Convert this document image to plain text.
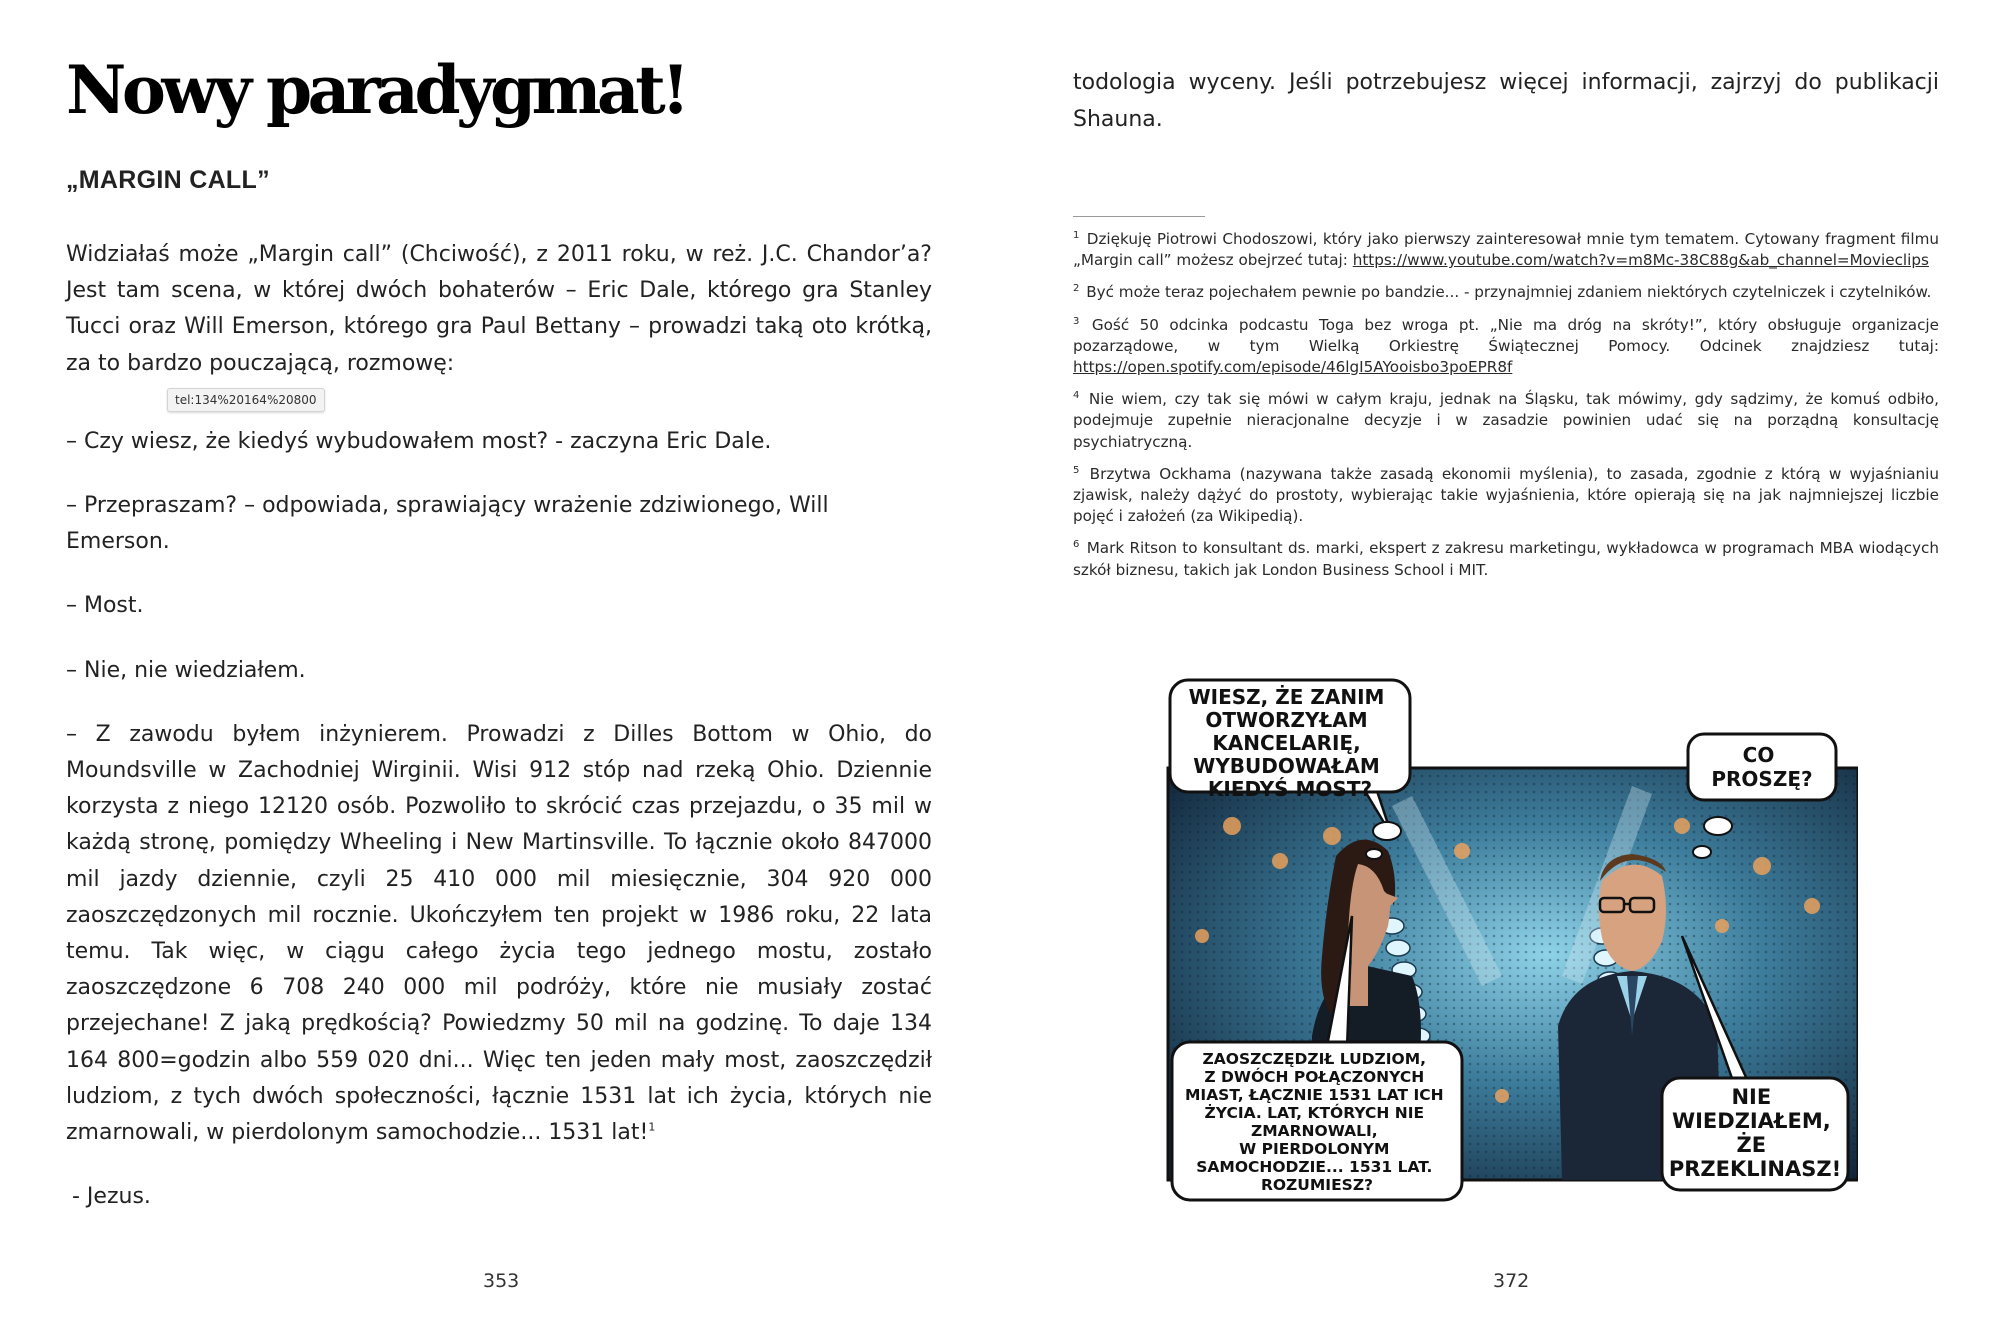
Nowy paradygmat!
„MARGIN CALL”

Widziałaś może „Margin call” (Chciwość), z 2011 roku, w reż. J.C. Chandor’a? Jest tam scena, w której dwóch bohaterów – Eric Dale, którego gra Stanley Tucci oraz Will Emerson, którego gra Paul Bettany – prowadzi taką oto krótką, za to bardzo pouczającą, rozmowę:

tel:134%20164%20800

– Czy wiesz, że kiedyś wybudowałem most? - zaczyna Eric Dale.

– Przepraszam? – odpowiada, sprawiający wrażenie zdziwionego, Will Emerson.

– Most.

– Nie, nie wiedziałem.

– Z zawodu byłem inżynierem. Prowadzi z Dilles Bottom w Ohio, do Moundsville w Zachodniej Wirginii. Wisi 912 stóp nad rzeką Ohio. Dziennie korzysta z niego 12120 osób. Pozwoliło to skrócić czas przejazdu, o 35 mil w każdą stronę, pomiędzy Wheeling i New Martinsville. To łącznie około 847000 mil jazdy dziennie, czyli 25 410 000 mil miesięcznie, 304 920 000 zaoszczędzonych mil rocznie. Ukończyłem ten projekt w 1986 roku, 22 lata temu. Tak więc, w ciągu całego życia tego jednego mostu, zostało zaoszczędzone 6 708 240 000 mil podróży, które nie musiały zostać przejechane! Z jaką prędkością? Powiedzmy 50 mil na godzinę. To daje 134 164 800=godzin albo 559 020 dni... Więc ten jeden mały most, zaoszczędził ludziom, z tych dwóch społeczności, łącznie 1531 lat ich życia, których nie zmarnowali, w pierdolonym samochodzie... 1531 lat!$^1$

- Jezus.

353

todologia wyceny. Jeśli potrzebujesz więcej informacji, zajrzyj do publikacji Shauna.

$^1$ Dziękuję Piotrowi Chodoszowi, który jako pierwszy zainteresował mnie tym tematem. Cytowany fragment filmu „Margin call” możesz obejrzeć tutaj: https://www.youtube.com/watch?v=m8Mc-38C88g&ab_channel=Movieclips

$^2$ Być może teraz pojechałem pewnie po bandzie... - przynajmniej zdaniem niektórych czytelniczek i czytelników.

$^3$ Gość 50 odcinka podcastu Toga bez wroga pt. „Nie ma dróg na skróty!”, który obsługuje organizacje pozarządowe, w tym Wielką Orkiestrę Świątecznej Pomocy. Odcinek znajdziesz tutaj: https://open.spotify.com/episode/46lgI5AYooisbo3poEPR8f

$^4$ Nie wiem, czy tak się mówi w całym kraju, jednak na Śląsku, tak mówimy, gdy sądzimy, że komuś odbiło, podejmuje zupełnie nieracjonalne decyzje i w zasadzie powinien udać się na porządną konsultację psychiatryczną.

$^5$ Brzytwa Ockhama (nazywana także zasadą ekonomii myślenia), to zasada, zgodnie z którą w wyjaśnianiu zjawisk, należy dążyć do prostoty, wybierając takie wyjaśnienia, które opierają się na jak najmniejszej liczbie pojęć i założeń (za Wikipedią).

$^6$ Mark Ritson to konsultant ds. marki, ekspert z zakresu marketingu, wykładowca w programach MBA wiodących szkół biznesu, takich jak London Business School i MIT.

WIESZ, ŻE ZANIM OTWORZYŁAM KANCELARIĘ, WYBUDOWAŁAM KIEDYŚ MOST?
CO PROSZĘ?
ZAOSZCZĘDZIŁ LUDZIOM, Z DWÓCH POŁĄCZONYCH MIAST, ŁĄCZNIE 1531 LAT ICH ŻYCIA. LAT, KTÓRYCH NIE ZMARNOWALI, W PIERDOLONYM SAMOCHODZIE... 1531 LAT. ROZUMIESZ?
NIE WIEDZIAŁEM, ŻE PRZEKLINASZ!
372
